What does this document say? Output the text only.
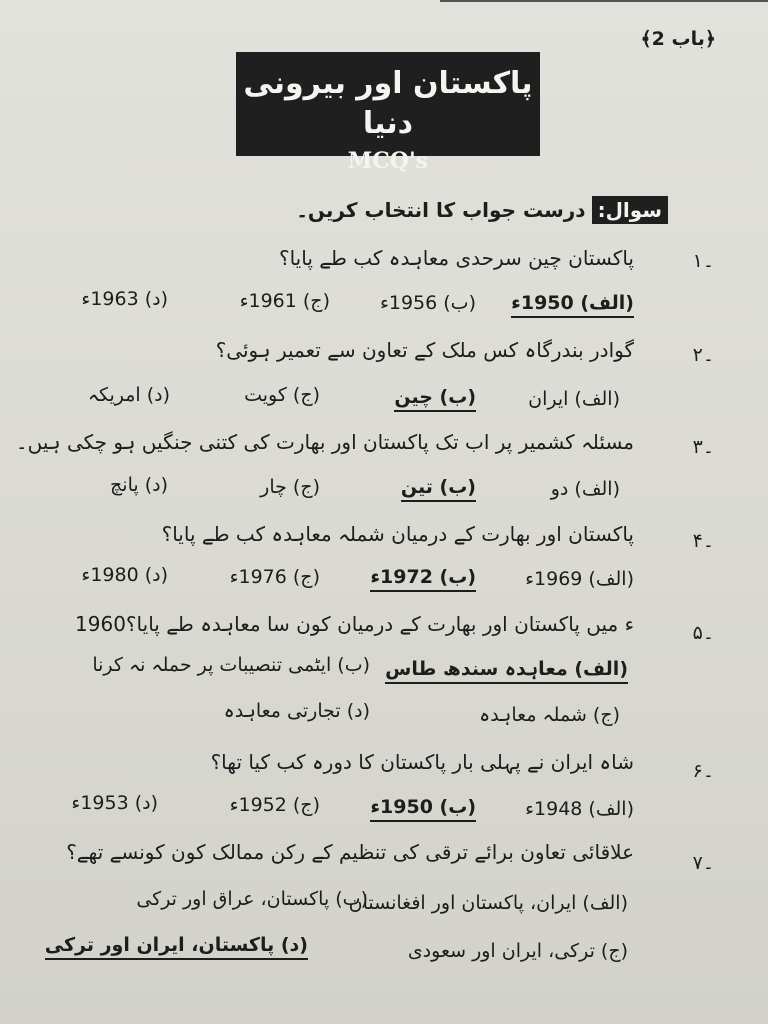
﴿باب 2﴾
پاکستان اور بیرونی دنیا
MCQ's
سوال:درست جواب کا انتخاب کریں۔
۱۔
پاکستان چین سرحدی معاہدہ کب طے پایا؟
(الف) 1950ء
(ب) 1956ء
(ج) 1961ء
(د) 1963ء
۲۔
گوادر بندرگاہ کس ملک کے تعاون سے تعمیر ہوئی؟
(الف) ایران
(ب) چین
(ج) کویت
(د) امریکہ
۳۔
مسئلہ کشمیر پر اب تک پاکستان اور بھارت کی کتنی جنگیں ہو چکی ہیں۔
(الف) دو
(ب) تین
(ج) چار
(د) پانچ
۴۔
پاکستان اور بھارت کے درمیان شملہ معاہدہ کب طے پایا؟
(الف) 1969ء
(ب) 1972ء
(ج) 1976ء
(د) 1980ء
۵۔
1960ء میں پاکستان اور بھارت کے درمیان کون سا معاہدہ طے پایا؟
(الف) معاہدہ سندھ طاس
(ب) ایٹمی تنصیبات پر حملہ نہ کرنا
(ج) شملہ معاہدہ
(د) تجارتی معاہدہ
۶۔
شاہ ایران نے پہلی بار پاکستان کا دورہ کب کیا تھا؟
(الف) 1948ء
(ب) 1950ء
(ج) 1952ء
(د) 1953ء
۷۔
علاقائی تعاون برائے ترقی کی تنظیم کے رکن ممالک کون کونسے تھے؟
(الف) ایران، پاکستان اور افغانستان
(ب) پاکستان، عراق اور ترکی
(ج) ترکی، ایران اور سعودی
(د) پاکستان، ایران اور ترکی
